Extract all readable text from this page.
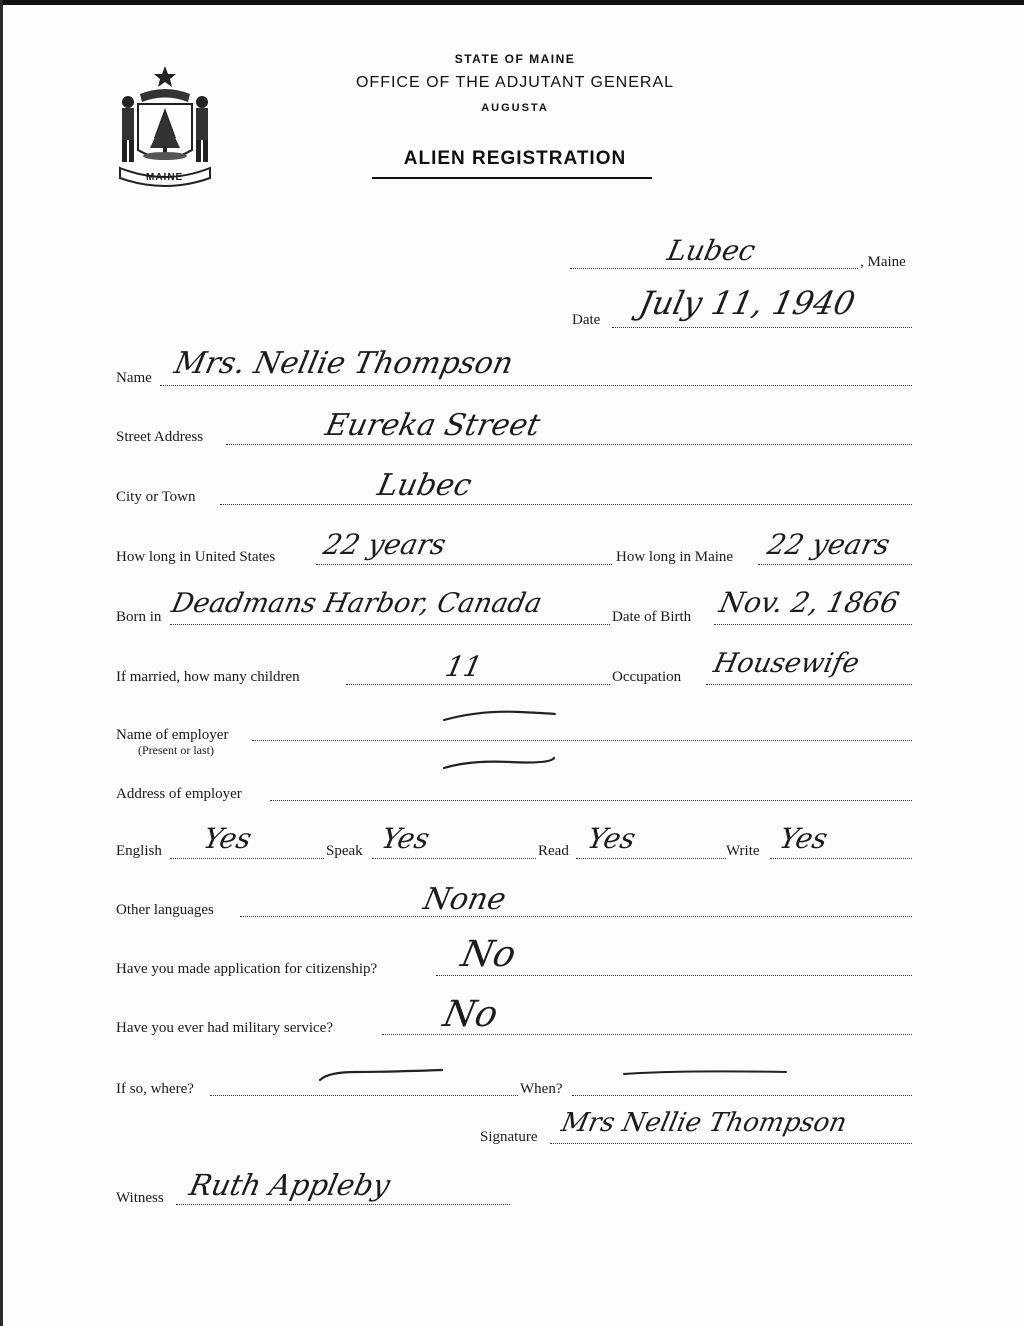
MAINE
STATE OF MAINE
OFFICE OF THE ADJUTANT GENERAL
AUGUSTA
ALIEN REGISTRATION
Lubec	, Maine
Date July 11, 1940
Name Mrs. Nellie Thompson
Street Address	Eureka Street
City or Town	Lubec
How long in United States 22 years	How long in Maine 22 years
Born in Deadmans Harbor, Canada	Date of Birth Nov. 2, 1866
If married, how many children	11	Occupation Housewife
Name of employer
(Present or last)
Address of employer
English Yes	Speak Yes	Read Yes	Write Yes
Other languages	None
Have you made application for citizenship? No
Have you ever had military service?	No
If so, where?	When?
Signature Mrs Nellie Thompson
Witness Ruth Appleby
